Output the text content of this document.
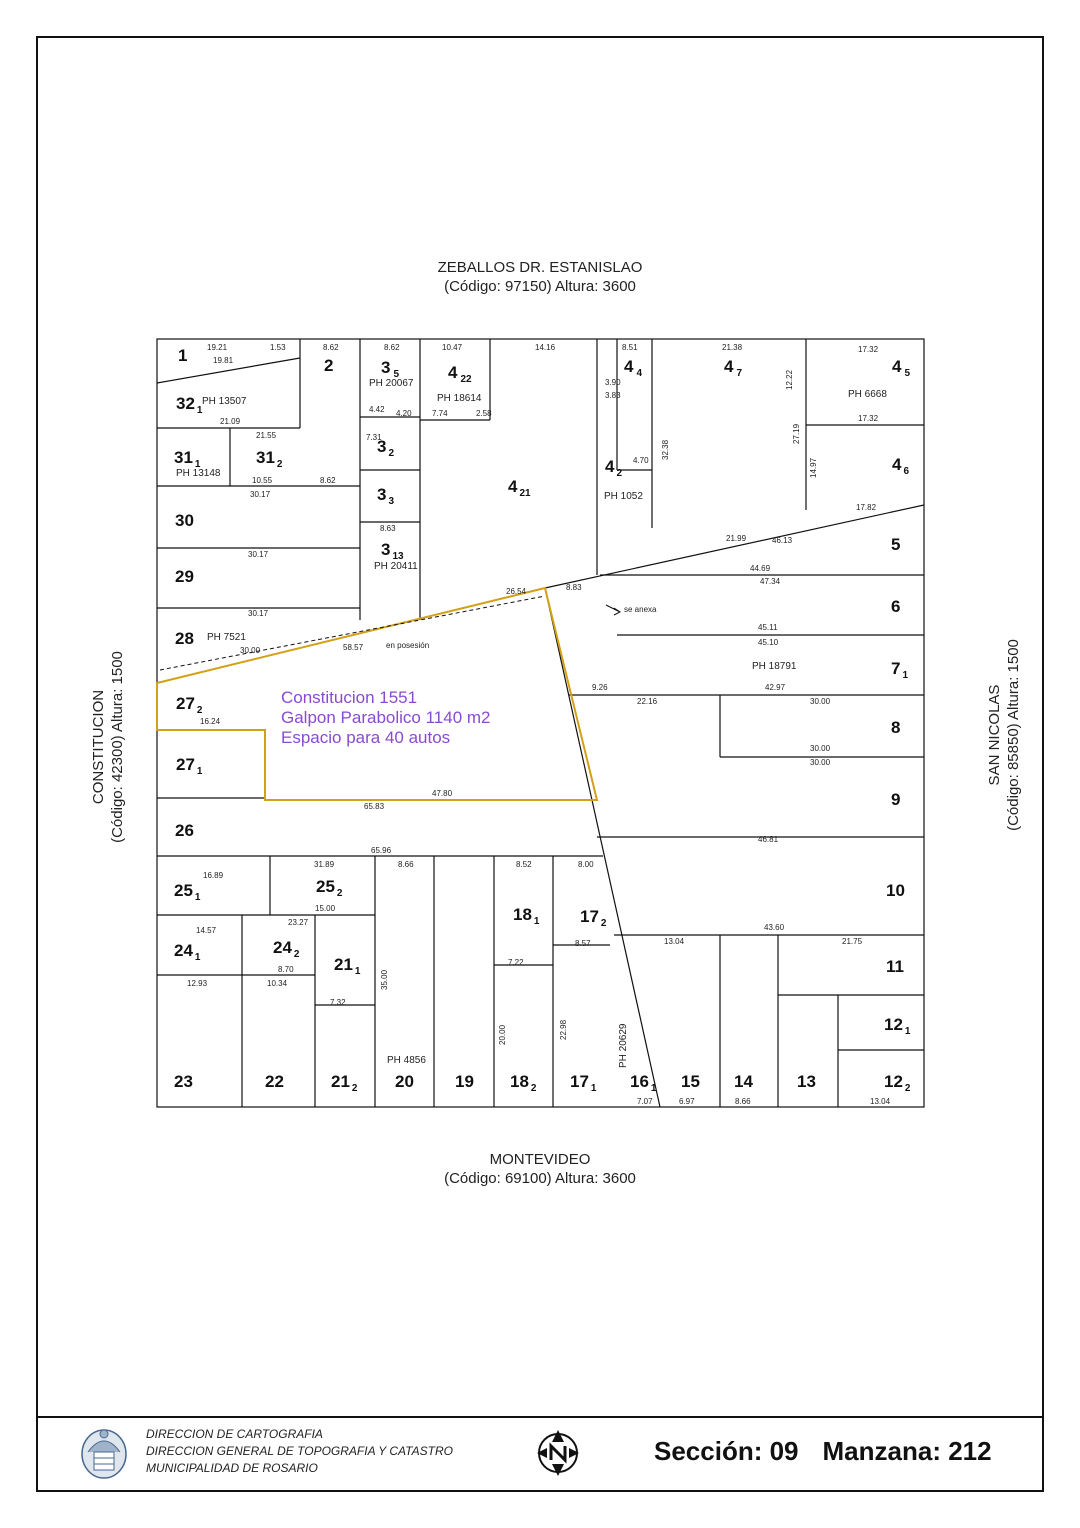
ZEBALLOS DR. ESTANISLAO
(Código: 97150) Altura: 3600
MONTEVIDEO
(Código: 69100) Altura: 3600
CONSTITUCION (Código: 42300) Altura: 1500	SAN NICOLAS (Código: 85850) Altura: 1500
1
2	3 $_5$	4 $_{22}$
4 $_4$	4 $_7$	4 $_5$
32 $_1$
31 $_1$	31 $_2$
3 $_2$
3 $_3$
4 $_{21}$
4 $_2$	4 $_6$
30
3 $_{13}$
5
29
6
28
7 $_1$
27 $_2$
8
27 $_1$
9
26
25 $_1$
25 $_2$
18 $_1$ 17 $_2$
10
24 $_1$
24 $_2$
21 $_1$	11
12 $_1$
23	22	21 $_2$ 20 19 18 $_2$ 17 $_1$ 16 $_1$ 15 14	13	12 $_2$
PH 13507
PH 20067
PH 18614	PH 6668
PH 13148
PH 1052
PH 20411
PH 7521
PH 18791
PH 4856	PH 20629
19.21	1.53	8.62	8.62	10.47	14.16	8.51	21.38	17.32
19.81
21.09
21.55
4.42 4.20	7.74	2.58
3.90
3.83
12.22
17.32
7.31
10.55	8.62
30.17
8.63
4.70
32.38
27.19
14.97
17.82
21.99	46.13
30.17
44.69
47.34
26.54	8.83
30.17
30.00	58.57
45.11
45.10
9.26	42.97
22.16	30.00
16.24
30.00
30.00
65.83
47.80
46.81
65.96
31.89	8.66	8.52	8.00
16.89
15.00
23.27
14.57
8.70
43.60
13.04	21.75
12.93	10.34
7.32
7.22
8.57
7.07	6.97	8.66	13.04
35.00
20.00	22.98
se anexa
en posesión
Constitucion 1551
Galpon Parabolico 1140 m2
Espacio para 40 autos
DIRECCION DE CARTOGRAFIA
DIRECCION GENERAL DE TOPOGRAFIA Y CATASTRO
MUNICIPALIDAD DE ROSARIO
Sección: 09 Manzana: 212
